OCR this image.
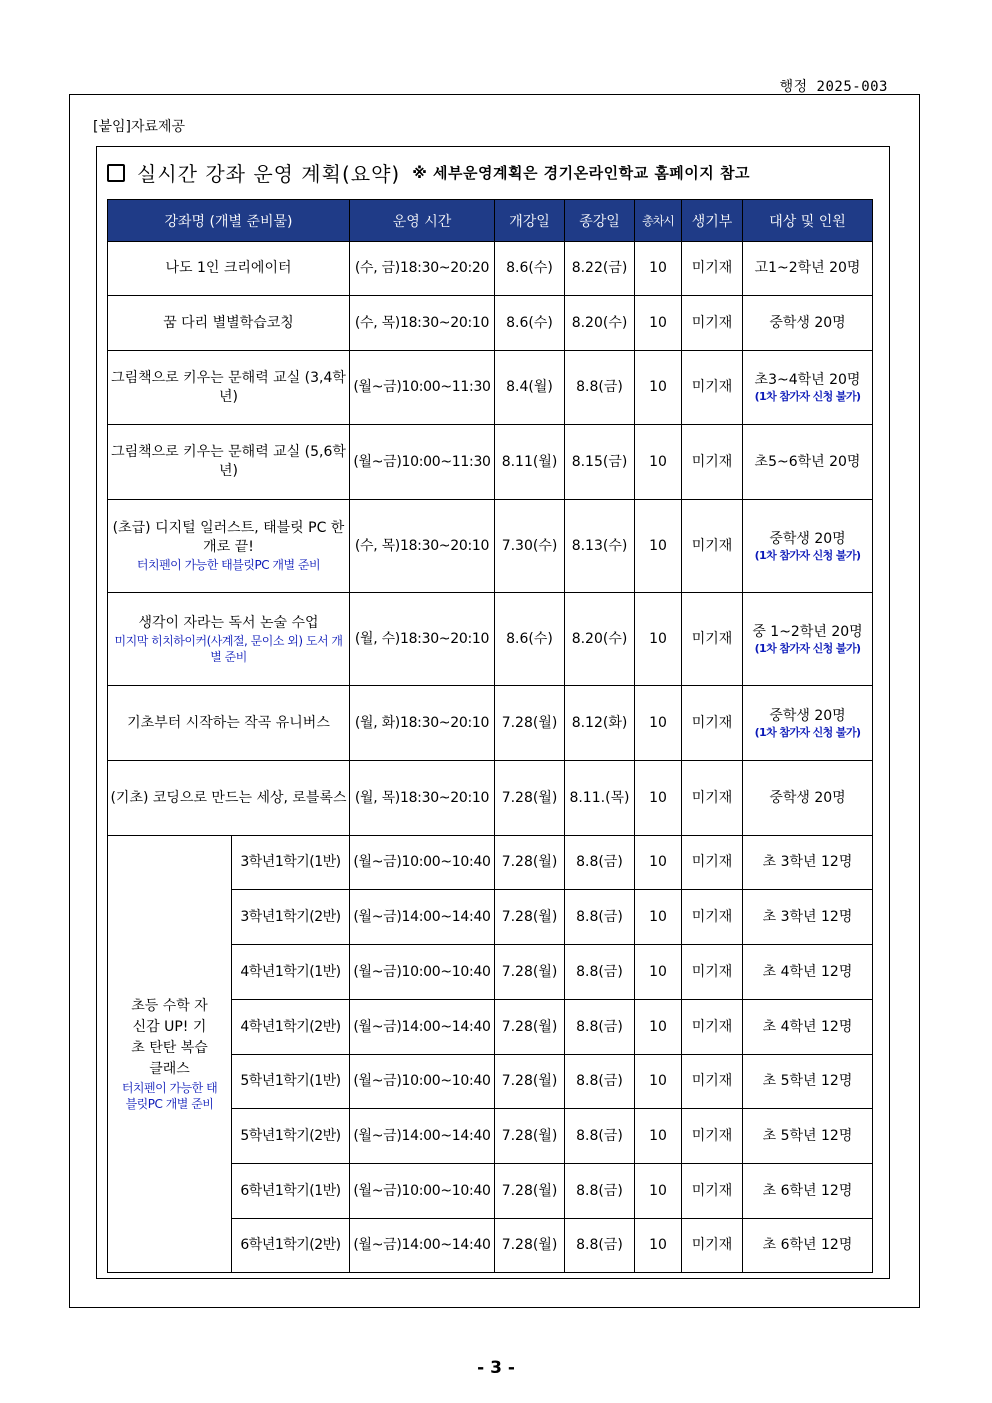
행정 2025-003
[붙임]자료제공
실시간 강좌 운영 계획(요약) ※ 세부운영계획은 경기온라인학교 홈페이지 참고
강좌명 (개별 준비물)		운영 시간	개강일	종강일	총차시	생기부	대상 및 인원

나도 1인 크리에이터		(수, 금)18:30~20:20	8.6(수)	8.22(금)	10	미기재	고1~2학년 20명

꿈 다리 별별학습코칭		(수, 목)18:30~20:10	8.6(수)	8.20(수)	10	미기재	중학생 20명

그림책으로 키우는 문해력 교실 (3,4학년)		(월~금)10:00~11:30	8.4(월)	8.8(금)	10	미기재	초3~4학년 20명
(1차 참가자 신청 불가)

그림책으로 키우는 문해력 교실 (5,6학년)		(월~금)10:00~11:30	8.11(월)	8.15(금)	10	미기재	초5~6학년 20명

(초급) 디지털 일러스트, 태블릿 PC 한 개로 끝!
터치펜이 가능한 태블릿PC 개별 준비		(수, 목)18:30~20:10	7.30(수)	8.13(수)	10	미기재	중학생 20명
(1차 참가자 신청 불가)

생각이 자라는 독서 논술 수업
미지막 히치하이커(사계절, 문이소 외) 도서 개별 준비		(월, 수)18:30~20:10	8.6(수)	8.20(수)	10	미기재	중 1~2학년 20명
(1차 참가자 신청 불가)

기초부터 시작하는 작곡 유니버스		(월, 화)18:30~20:10	7.28(월)	8.12(화)	10	미기재	중학생 20명
(1차 참가자 신청 불가)

(기초) 코딩으로 만드는 세상, 로블록스		(월, 목)18:30~20:10	7.28(월)	8.11.(목)	10	미기재	중학생 20명

초등 수학 자신감 UP! 기초 탄탄 복습클래스
터치펜이 가능한 태블릿PC 개별 준비	3학년1학기(1반)	(월~금)10:00~10:40	7.28(월)	8.8(금)	10	미기재	초 3학년 12명
	3학년1학기(2반)	(월~금)14:00~14:40	7.28(월)	8.8(금)	10	미기재	초 3학년 12명
	4학년1학기(1반)	(월~금)10:00~10:40	7.28(월)	8.8(금)	10	미기재	초 4학년 12명
	4학년1학기(2반)	(월~금)14:00~14:40	7.28(월)	8.8(금)	10	미기재	초 4학년 12명
	5학년1학기(1반)	(월~금)10:00~10:40	7.28(월)	8.8(금)	10	미기재	초 5학년 12명
	5학년1학기(2반)	(월~금)14:00~14:40	7.28(월)	8.8(금)	10	미기재	초 5학년 12명
	6학년1학기(1반)	(월~금)10:00~10:40	7.28(월)	8.8(금)	10	미기재	초 6학년 12명
	6학년1학기(2반)	(월~금)14:00~14:40	7.28(월)	8.8(금)	10	미기재	초 6학년 12명
- 3 -
